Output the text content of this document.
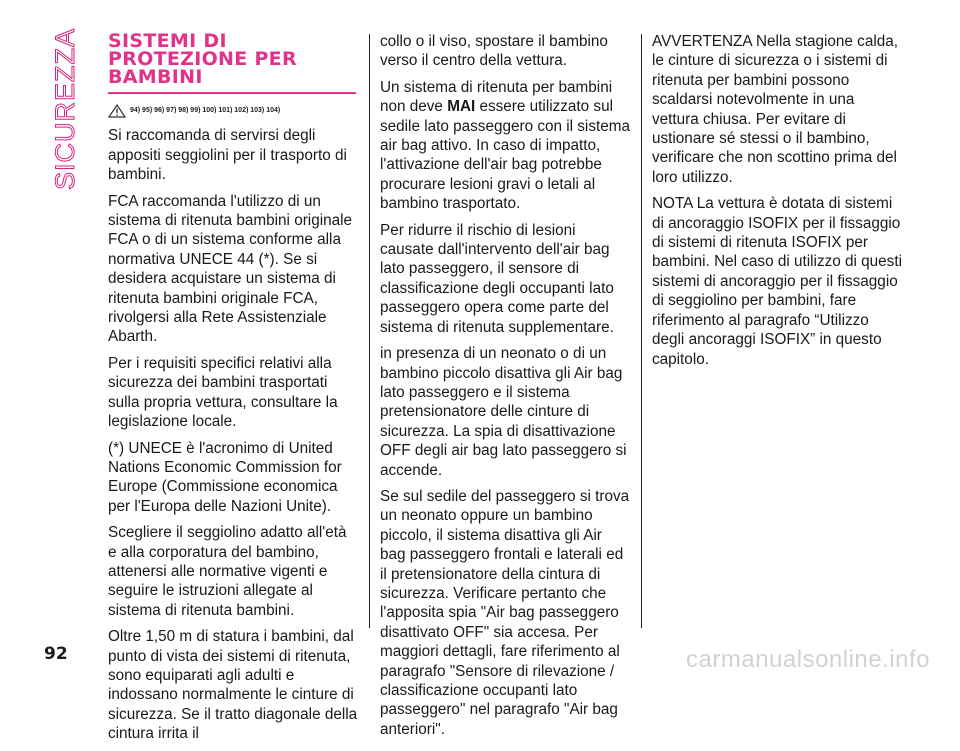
SICUREZZA SISTEMI DI PROTEZIONE PER BAMBINI
94) 95) 96) 97) 98) 99) 100) 101) 102) 103) 104)

Si raccomanda di servirsi degli appositi seggiolini per il trasporto di bambini.

FCA raccomanda l'utilizzo di un sistema di ritenuta bambini originale FCA o di un sistema conforme alla normativa UNECE 44 (*). Se si desidera acquistare un sistema di ritenuta bambini originale FCA, rivolgersi alla Rete Assistenziale Abarth.

Per i requisiti specifici relativi alla sicurezza dei bambini trasportati sulla propria vettura, consultare la legislazione locale.

(*) UNECE è l'acronimo di United Nations Economic Commission for Europe (Commissione economica per l'Europa delle Nazioni Unite).

Scegliere il seggiolino adatto all'età e alla corporatura del bambino, attenersi alle normative vigenti e seguire le istruzioni allegate al sistema di ritenuta bambini.

Oltre 1,50 m di statura i bambini, dal punto di vista dei sistemi di ritenuta, sono equiparati agli adulti e indossano normalmente le cinture di sicurezza. Se il tratto diagonale della cintura irrita il

collo o il viso, spostare il bambino verso il centro della vettura.

Un sistema di ritenuta per bambini non deve MAI essere utilizzato sul sedile lato passeggero con il sistema air bag attivo. In caso di impatto, l'attivazione dell'air bag potrebbe procurare lesioni gravi o letali al bambino trasportato.

Per ridurre il rischio di lesioni causate dall'intervento dell'air bag lato passeggero, il sensore di classificazione degli occupanti lato passeggero opera come parte del sistema di ritenuta supplementare.

in presenza di un neonato o di un bambino piccolo disattiva gli Air bag lato passeggero e il sistema pretensionatore delle cinture di sicurezza. La spia di disattivazione OFF degli air bag lato passeggero si accende.

Se sul sedile del passeggero si trova un neonato oppure un bambino piccolo, il sistema disattiva gli Air bag passeggero frontali e laterali ed il pretensionatore della cintura di sicurezza. Verificare pertanto che l'apposita spia "Air bag passeggero disattivato OFF" sia accesa. Per maggiori dettagli, fare riferimento al paragrafo "Sensore di rilevazione / classificazione occupanti lato passeggero" nel paragrafo "Air bag anteriori".

AVVERTENZA Nella stagione calda, le cinture di sicurezza o i sistemi di ritenuta per bambini possono scaldarsi notevolmente in una vettura chiusa. Per evitare di ustionare sé stessi o il bambino, verificare che non scottino prima del loro utilizzo.

NOTA La vettura è dotata di sistemi di ancoraggio ISOFIX per il fissaggio di sistemi di ritenuta ISOFIX per bambini. Nel caso di utilizzo di questi sistemi di ancoraggio per il fissaggio di seggiolino per bambini, fare riferimento al paragrafo “Utilizzo degli ancoraggi ISOFIX” in questo capitolo.

92	carmanualsonline.info
